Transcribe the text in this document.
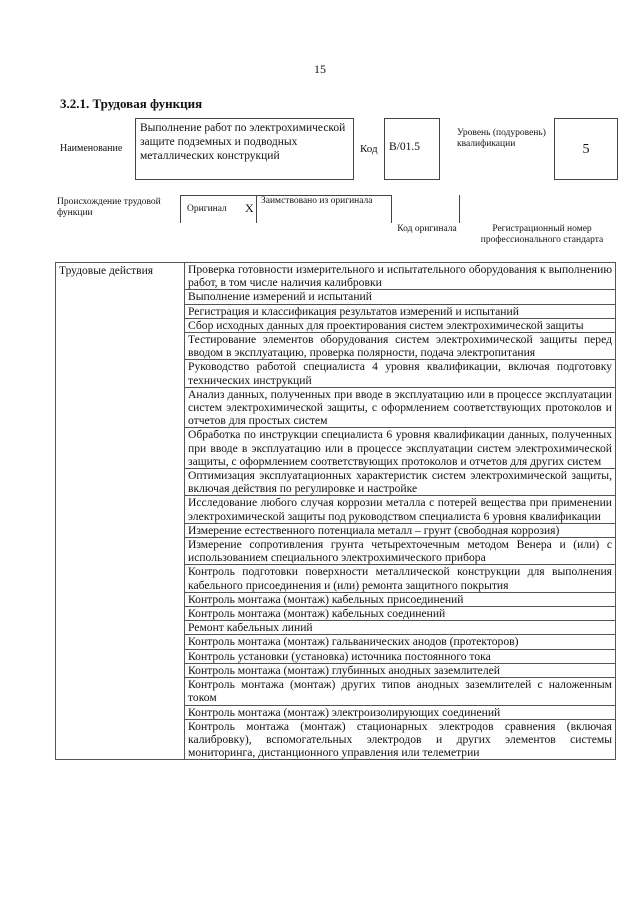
15
3.2.1. Трудовая функция
Наименование
Выполнение работ по электрохимической защите подземных и подводных металлических конструкций
Код B/01.5
Уровень (подуровень) квалификации	5
Происхождение трудовой функции	Оригинал	X Заимствовано из оригинала
Код оригинала	Регистрационный номер профессионального стандарта
Трудовые действия	Проверка готовности измерительного и испытательного оборудования к выполнению работ, в том числе наличия калибровки
Выполнение измерений и испытаний
Регистрация и классификация результатов измерений и испытаний
Сбор исходных данных для проектирования систем электрохимической защиты
Тестирование элементов оборудования систем электрохимической защиты перед вводом в эксплуатацию, проверка полярности, подача электропитания
Руководство работой специалиста 4 уровня квалификации, включая подготовку технических инструкций
Анализ данных, полученных при вводе в эксплуатацию или в процессе эксплуатации систем электрохимической защиты, с оформлением соответствующих протоколов и отчетов для простых систем
Обработка по инструкции специалиста 6 уровня квалификации данных, полученных при вводе в эксплуатацию или в процессе эксплуатации систем электрохимической защиты, с оформлением соответствующих протоколов и отчетов для других систем
Оптимизация эксплуатационных характеристик систем электрохимической защиты, включая действия по регулировке и настройке
Исследование любого случая коррозии металла с потерей вещества при применении электрохимической защиты под руководством специалиста 6 уровня квалификации
Измерение естественного потенциала металл – грунт (свободная коррозия)
Измерение сопротивления грунта четырехточечным методом Венера и (или) с использованием специального электрохимического прибора
Контроль подготовки поверхности металлической конструкции для выполнения кабельного присоединения и (или) ремонта защитного покрытия
Контроль монтажа (монтаж) кабельных присоединений
Контроль монтажа (монтаж) кабельных соединений
Ремонт кабельных линий
Контроль монтажа (монтаж) гальванических анодов (протекторов)
Контроль установки (установка) источника постоянного тока
Контроль монтажа (монтаж) глубинных анодных заземлителей
Контроль монтажа (монтаж) других типов анодных заземлителей с наложенным током
Контроль монтажа (монтаж) электроизолирующих соединений
Контроль монтажа (монтаж) стационарных электродов сравнения (включая калибровку), вспомогательных электродов и других элементов системы мониторинга, дистанционного управления или телеметрии
